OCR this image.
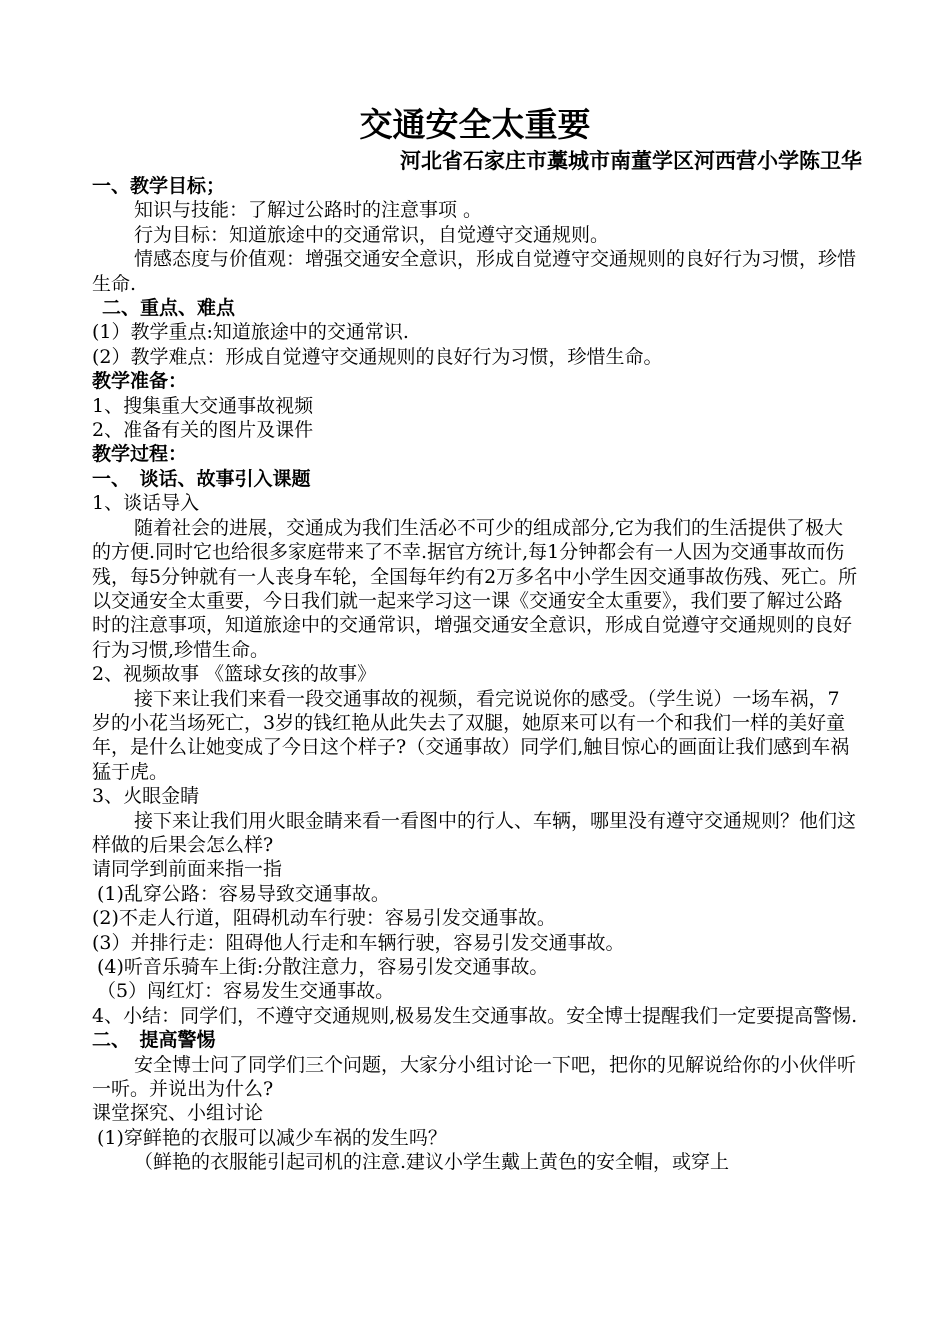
交通安全太重要
河北省石家庄市藁城市南董学区河西营小学陈卫华

一、教学目标；

知识与技能：了解过公路时的注意事项 。

行为目标：知道旅途中的交通常识，自觉遵守交通规则。

情感态度与价值观：增强交通安全意识，形成自觉遵守交通规则的良好行为习惯，珍惜生命.

二、重点、难点

(1）教学重点:知道旅途中的交通常识.

(2）教学难点：形成自觉遵守交通规则的良好行为习惯，珍惜生命。

教学准备：

1、搜集重大交通事故视频

2、准备有关的图片及课件

教学过程：

一、　谈话、故事引入课题

1、谈话导入

随着社会的进展，交通成为我们生活必不可少的组成部分,它为我们的生活提供了极大的方便.同时它也给很多家庭带来了不幸.据官方统计,每1分钟都会有一人因为交通事故而伤残，每5分钟就有一人丧身车轮，全国每年约有2万多名中小学生因交通事故伤残、死亡。所以交通安全太重要，今日我们就一起来学习这一课《交通安全太重要》，我们要了解过公路时的注意事项，知道旅途中的交通常识，增强交通安全意识，形成自觉遵守交通规则的良好行为习惯,珍惜生命。

2、视频故事 《篮球女孩的故事》

接下来让我们来看一段交通事故的视频，看完说说你的感受。（学生说）一场车祸，7岁的小花当场死亡，3岁的钱红艳从此失去了双腿，她原来可以有一个和我们一样的美好童年，是什么让她变成了今日这个样子?（交通事故）同学们,触目惊心的画面让我们感到车祸猛于虎。

3、火眼金睛

接下来让我们用火眼金睛来看一看图中的行人、车辆，哪里没有遵守交通规则？他们这样做的后果会怎么样?

请同学到前面来指一指

(1)乱穿公路：容易导致交通事故。

(2)不走人行道，阻碍机动车行驶：容易引发交通事故。

(3）并排行走：阻碍他人行走和车辆行驶，容易引发交通事故。

(4)听音乐骑车上街:分散注意力，容易引发交通事故。

（5）闯红灯：容易发生交通事故。

4、小结：同学们，不遵守交通规则,极易发生交通事故。安全博士提醒我们一定要提高警惕.

二、　提高警惕

安全博士问了同学们三个问题，大家分小组讨论一下吧，把你的见解说给你的小伙伴听一听。并说出为什么?

课堂探究、小组讨论

(1)穿鲜艳的衣服可以减少车祸的发生吗？

（鲜艳的衣服能引起司机的注意.建议小学生戴上黄色的安全帽，或穿上
